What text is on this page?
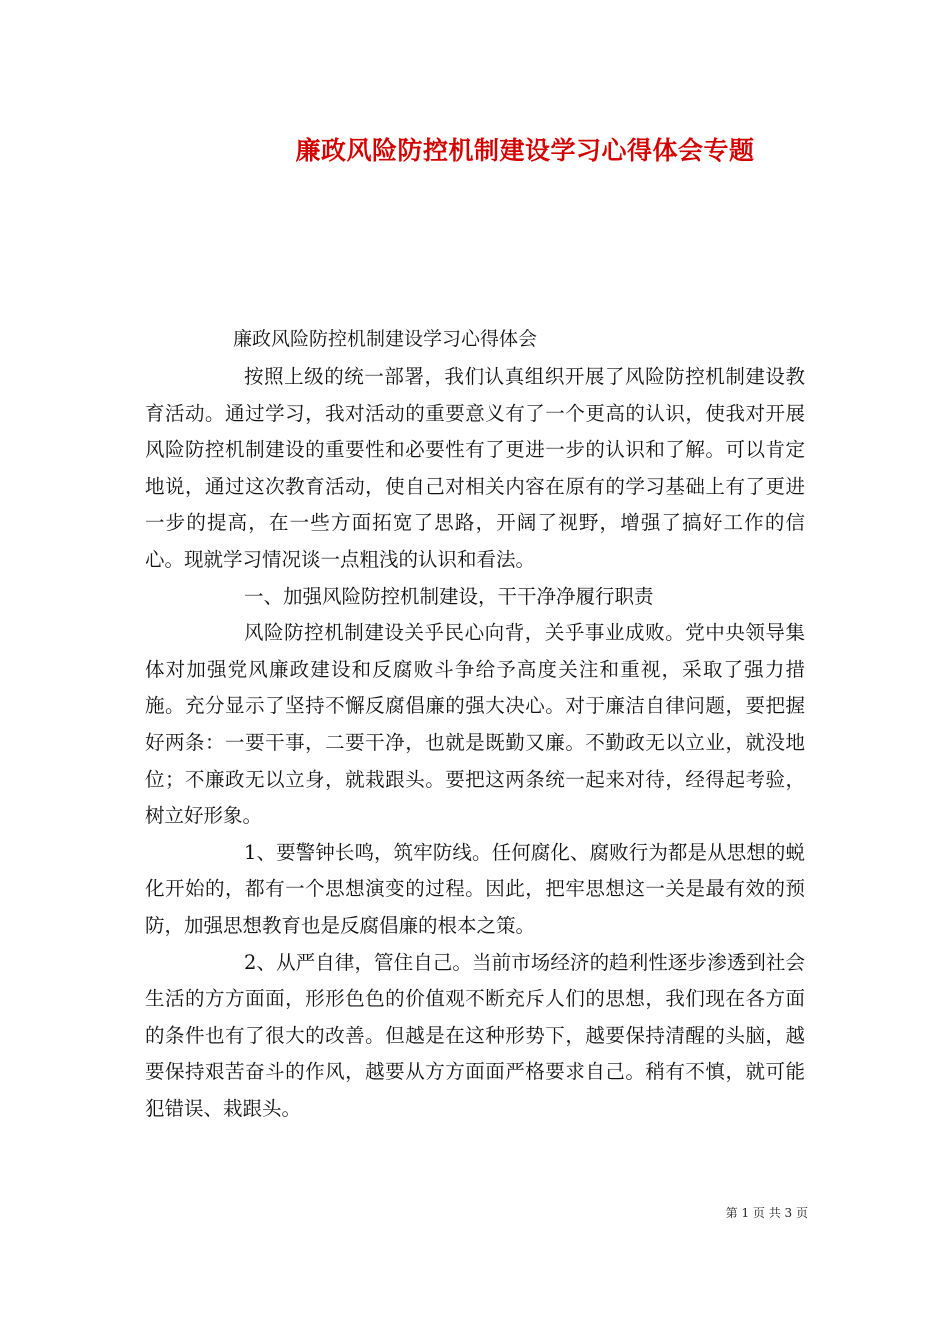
廉政风险防控机制建设学习心得体会专题
廉政风险防控机制建设学习心得体会

按照上级的统一部署，我们认真组织开展了风险防控机制建设教育活动。通过学习，我对活动的重要意义有了一个更高的认识，使我对开展风险防控机制建设的重要性和必要性有了更进一步的认识和了解。可以肯定地说，通过这次教育活动，使自己对相关内容在原有的学习基础上有了更进一步的提高，在一些方面拓宽了思路，开阔了视野，增强了搞好工作的信心。现就学习情况谈一点粗浅的认识和看法。

一、加强风险防控机制建设，干干净净履行职责

风险防控机制建设关乎民心向背，关乎事业成败。党中央领导集体对加强党风廉政建设和反腐败斗争给予高度关注和重视，采取了强力措施。充分显示了坚持不懈反腐倡廉的强大决心。对于廉洁自律问题，要把握好两条：一要干事，二要干净，也就是既勤又廉。不勤政无以立业，就没地位；不廉政无以立身，就栽跟头。要把这两条统一起来对待，经得起考验，树立好形象。

1、要警钟长鸣，筑牢防线。任何腐化、腐败行为都是从思想的蜕化开始的，都有一个思想演变的过程。因此，把牢思想这一关是最有效的预防，加强思想教育也是反腐倡廉的根本之策。

2、从严自律，管住自己。当前市场经济的趋利性逐步渗透到社会生活的方方面面，形形色色的价值观不断充斥人们的思想，我们现在各方面的条件也有了很大的改善。但越是在这种形势下，越要保持清醒的头脑，越要保持艰苦奋斗的作风，越要从方方面面严格要求自己。稍有不慎，就可能犯错误、栽跟头。

第 1 页 共 3 页
